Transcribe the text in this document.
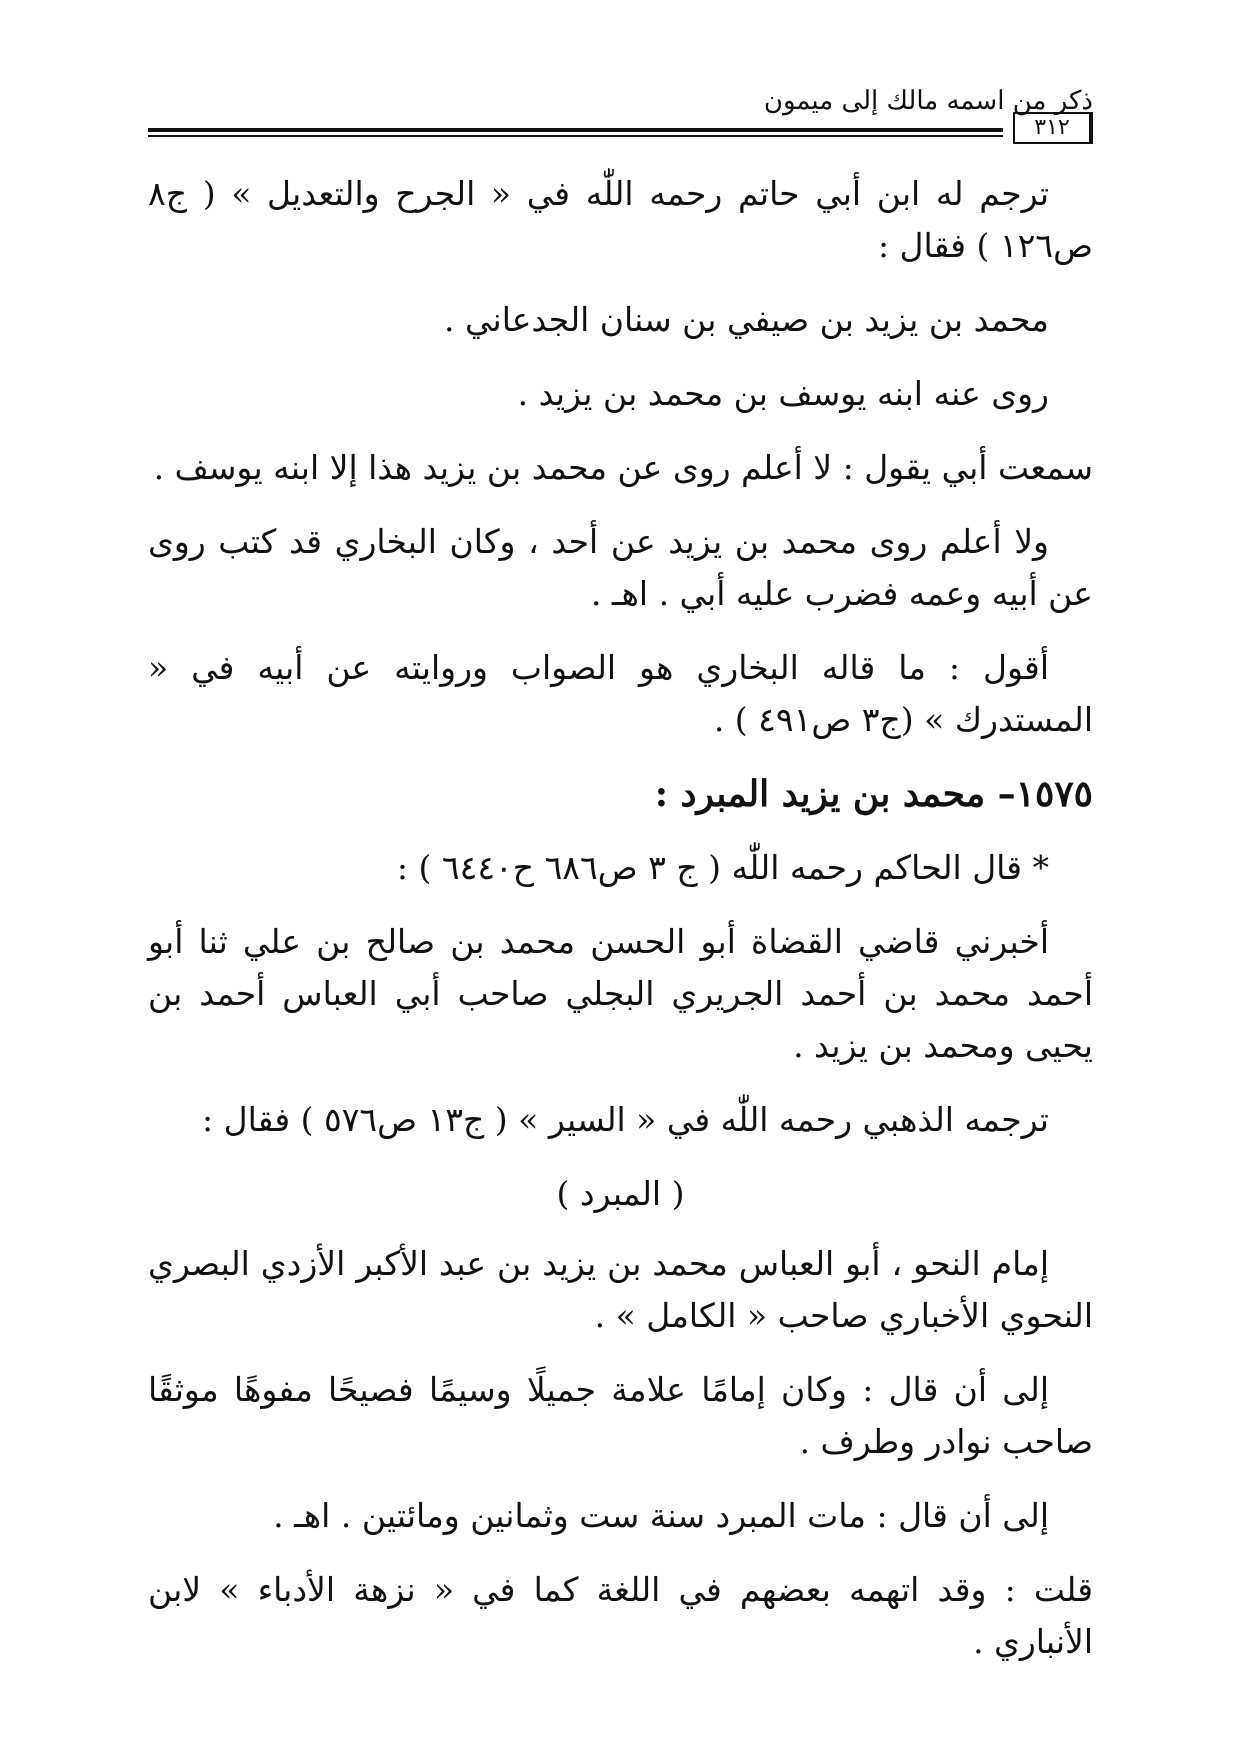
ذكر من اسمه مالك إلى ميمون
٣١٢

ترجم له ابن أبي حاتم رحمه اللّٰه في « الجرح والتعديل » ( ج٨ ص١٢٦ ) فقال :

محمد بن يزيد بن صيفي بن سنان الجدعاني .

روى عنه ابنه يوسف بن محمد بن يزيد .

سمعت أبي يقول : لا أعلم روى عن محمد بن يزيد هذا إلا ابنه يوسف .

ولا أعلم روى محمد بن يزيد عن أحد ، وكان البخاري قد كتب روى عن أبيه وعمه فضرب عليه أبي . اهـ .

أقول : ما قاله البخاري هو الصواب وروايته عن أبيه في « المستدرك » (ج٣ ص٤٩١ ) .

١٥٧٥– محمد بن يزيد المبرد :

* قال الحاكم رحمه اللّٰه ( ج ٣ ص٦٨٦ ح٦٤٤٠ ) :

أخبرني قاضي القضاة أبو الحسن محمد بن صالح بن علي ثنا أبو أحمد محمد بن أحمد الجريري البجلي صاحب أبي العباس أحمد بن يحيى ومحمد بن يزيد .

ترجمه الذهبي رحمه اللّٰه في « السير » ( ج١٣ ص٥٧٦ ) فقال :

( المبرد )

إمام النحو ، أبو العباس محمد بن يزيد بن عبد الأكبر الأزدي البصري النحوي الأخباري صاحب « الكامل » .

إلى أن قال : وكان إمامًا علامة جميلًا وسيمًا فصيحًا مفوهًا موثقًا صاحب نوادر وطرف .

إلى أن قال : مات المبرد سنة ست وثمانين ومائتين . اهـ .

قلت : وقد اتهمه بعضهم في اللغة كما في « نزهة الأدباء » لابن الأنباري .
